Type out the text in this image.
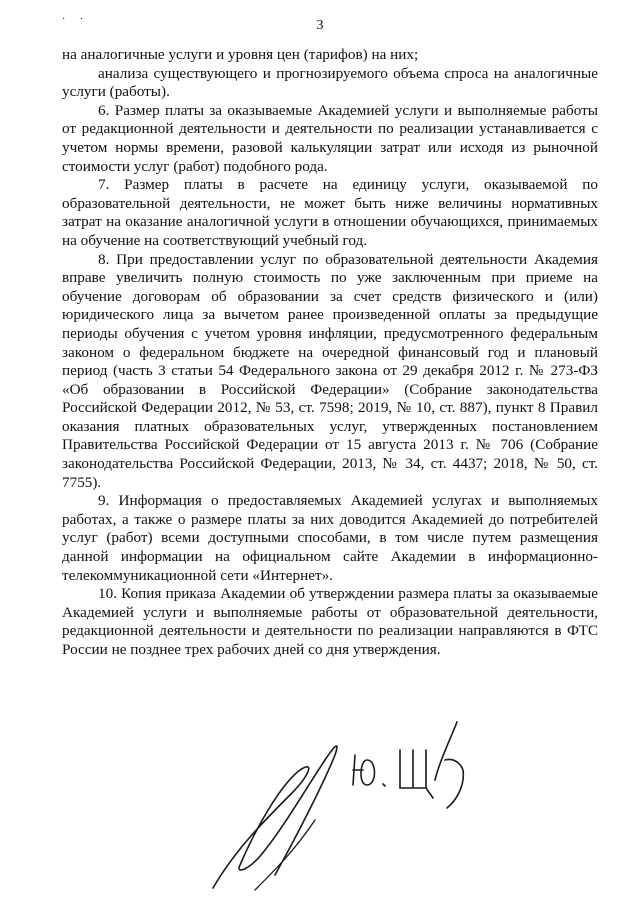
· ·	3

на аналогичные услуги и уровня цен (тарифов) на них;

анализа существующего и прогнозируемого объема спроса на аналогичные услуги (работы).

6. Размер платы за оказываемые Академией услуги и выполняемые работы от редакционной деятельности и деятельности по реализации устанавливается с учетом нормы времени, разовой калькуляции затрат или исходя из рыночной стоимости услуг (работ) подобного рода.

7. Размер платы в расчете на единицу услуги, оказываемой по образовательной деятельности, не может быть ниже величины нормативных затрат на оказание аналогичной услуги в отношении обучающихся, принимаемых на обучение на соответствующий учебный год.

8. При предоставлении услуг по образовательной деятельности Академия вправе увеличить полную стоимость по уже заключенным при приеме на обучение договорам об образовании за счет средств физического и (или) юридического лица за вычетом ранее произведенной оплаты за предыдущие периоды обучения с учетом уровня инфляции, предусмотренного федеральным законом о федеральном бюджете на очередной финансовый год и плановый период (часть 3 статьи 54 Федерального закона от 29 декабря 2012 г. № 273-ФЗ «Об образовании в Российской Федерации» (Собрание законодательства Российской Федерации 2012, № 53, ст. 7598; 2019, № 10, ст. 887), пункт 8 Правил оказания платных образовательных услуг, утвержденных постановлением Правительства Российской Федерации от 15 августа 2013 г. № 706 (Собрание законодательства Российской Федерации, 2013, № 34, ст. 4437; 2018, № 50, ст. 7755).

9. Информация о предоставляемых Академией услугах и выполняемых работах, а также о размере платы за них доводится Академией до потребителей услуг (работ) всеми доступными способами, в том числе путем размещения данной информации на официальном сайте Академии в информационно-телекоммуникационной сети «Интернет».

10. Копия приказа Академии об утверждении размера платы за оказываемые Академией услуги и выполняемые работы от образовательной деятельности, редакционной деятельности и деятельности по реализации направляются в ФТС России не позднее трех рабочих дней со дня утверждения.
